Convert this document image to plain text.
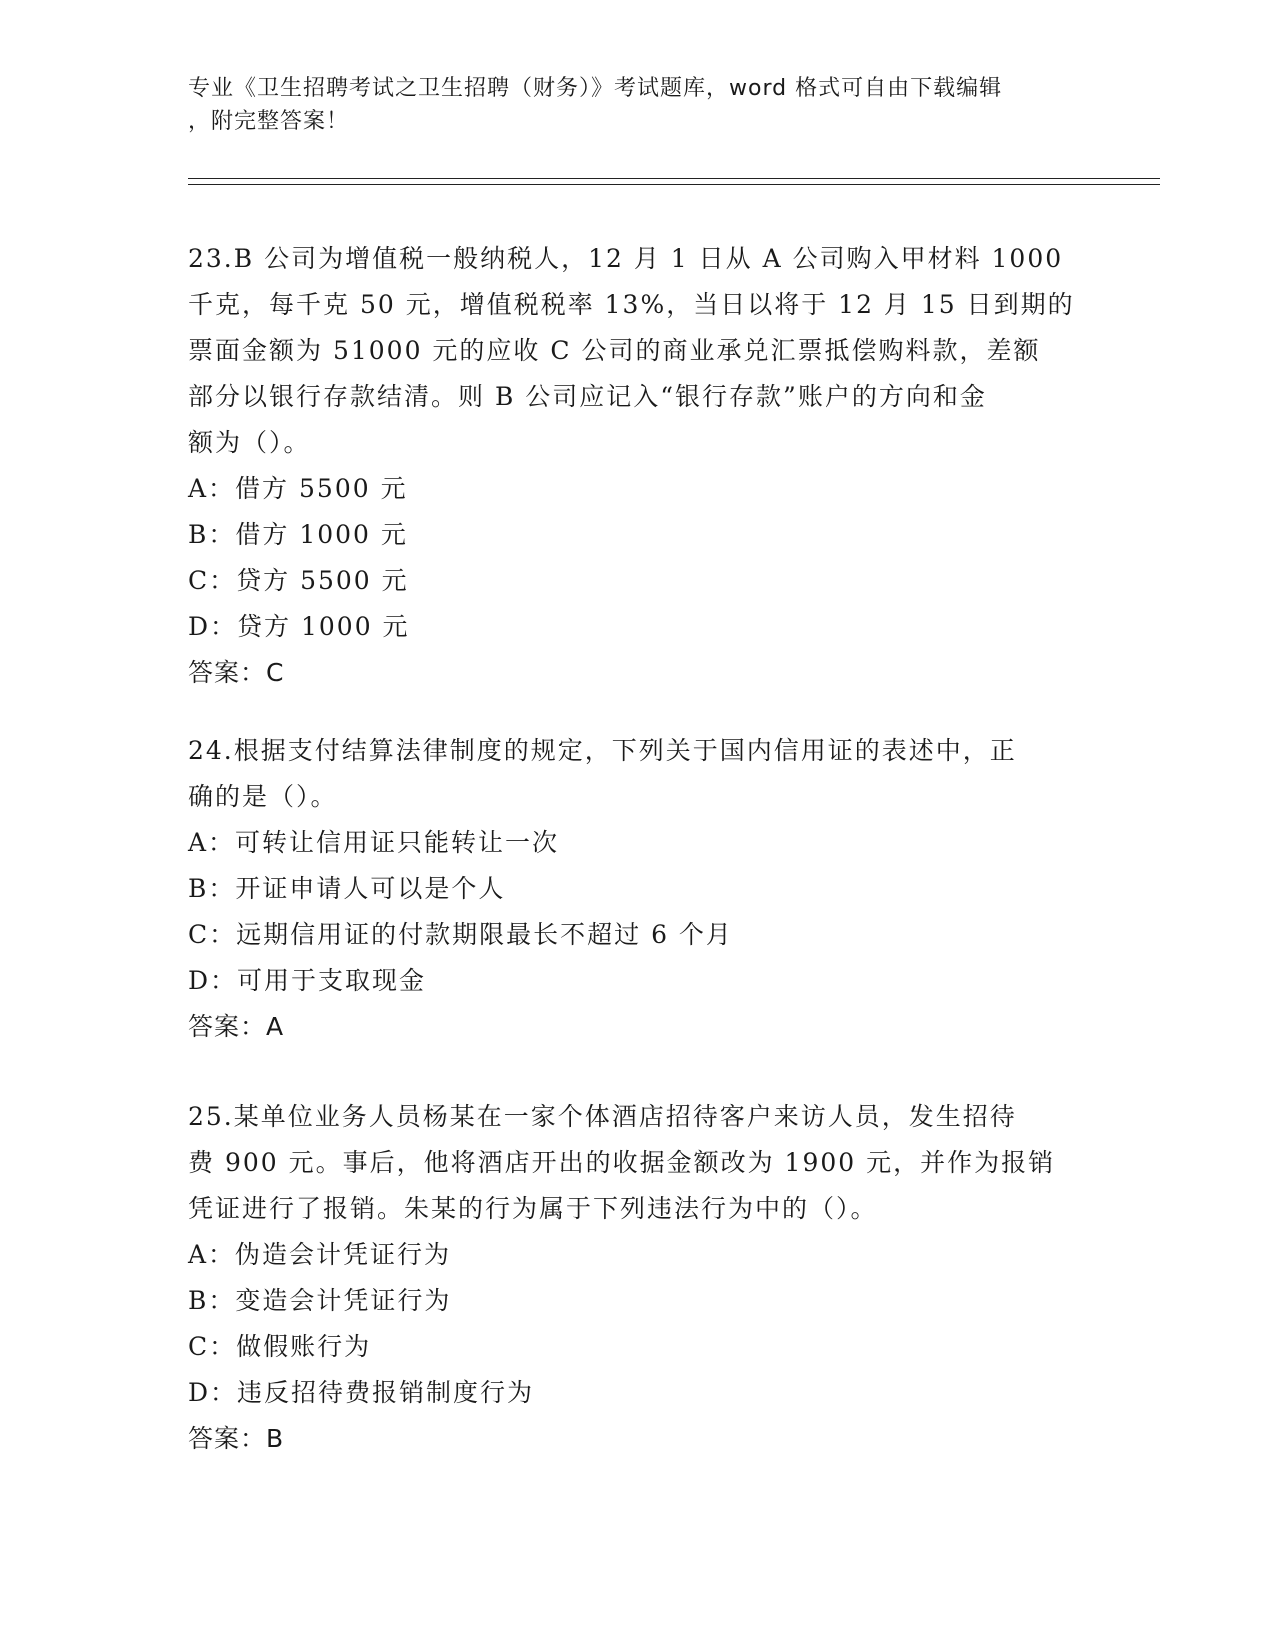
专业《卫生招聘考试之卫生招聘（财务）》考试题库，word 格式可自由下载编辑
，附完整答案！
23.B 公司为增值税一般纳税人，12 月 1 日从 A 公司购入甲材料 1000
千克，每千克 50 元，增值税税率 13%，当日以将于 12 月 15 日到期的
票面金额为 51000 元的应收 C 公司的商业承兑汇票抵偿购料款，差额
部分以银行存款结清。则 B 公司应记入“银行存款”账户的方向和金
额为（）。
A：借方 5500 元
B：借方 1000 元
C：贷方 5500 元
D：贷方 1000 元
答案：C
24.根据支付结算法律制度的规定，下列关于国内信用证的表述中，正
确的是（）。
A：可转让信用证只能转让一次
B：开证申请人可以是个人
C：远期信用证的付款期限最长不超过 6 个月
D：可用于支取现金
答案：A
25.某单位业务人员杨某在一家个体酒店招待客户来访人员，发生招待
费 900 元。事后，他将酒店开出的收据金额改为 1900 元，并作为报销
凭证进行了报销。朱某的行为属于下列违法行为中的（）。
A：伪造会计凭证行为
B：变造会计凭证行为
C：做假账行为
D：违反招待费报销制度行为
答案：B
